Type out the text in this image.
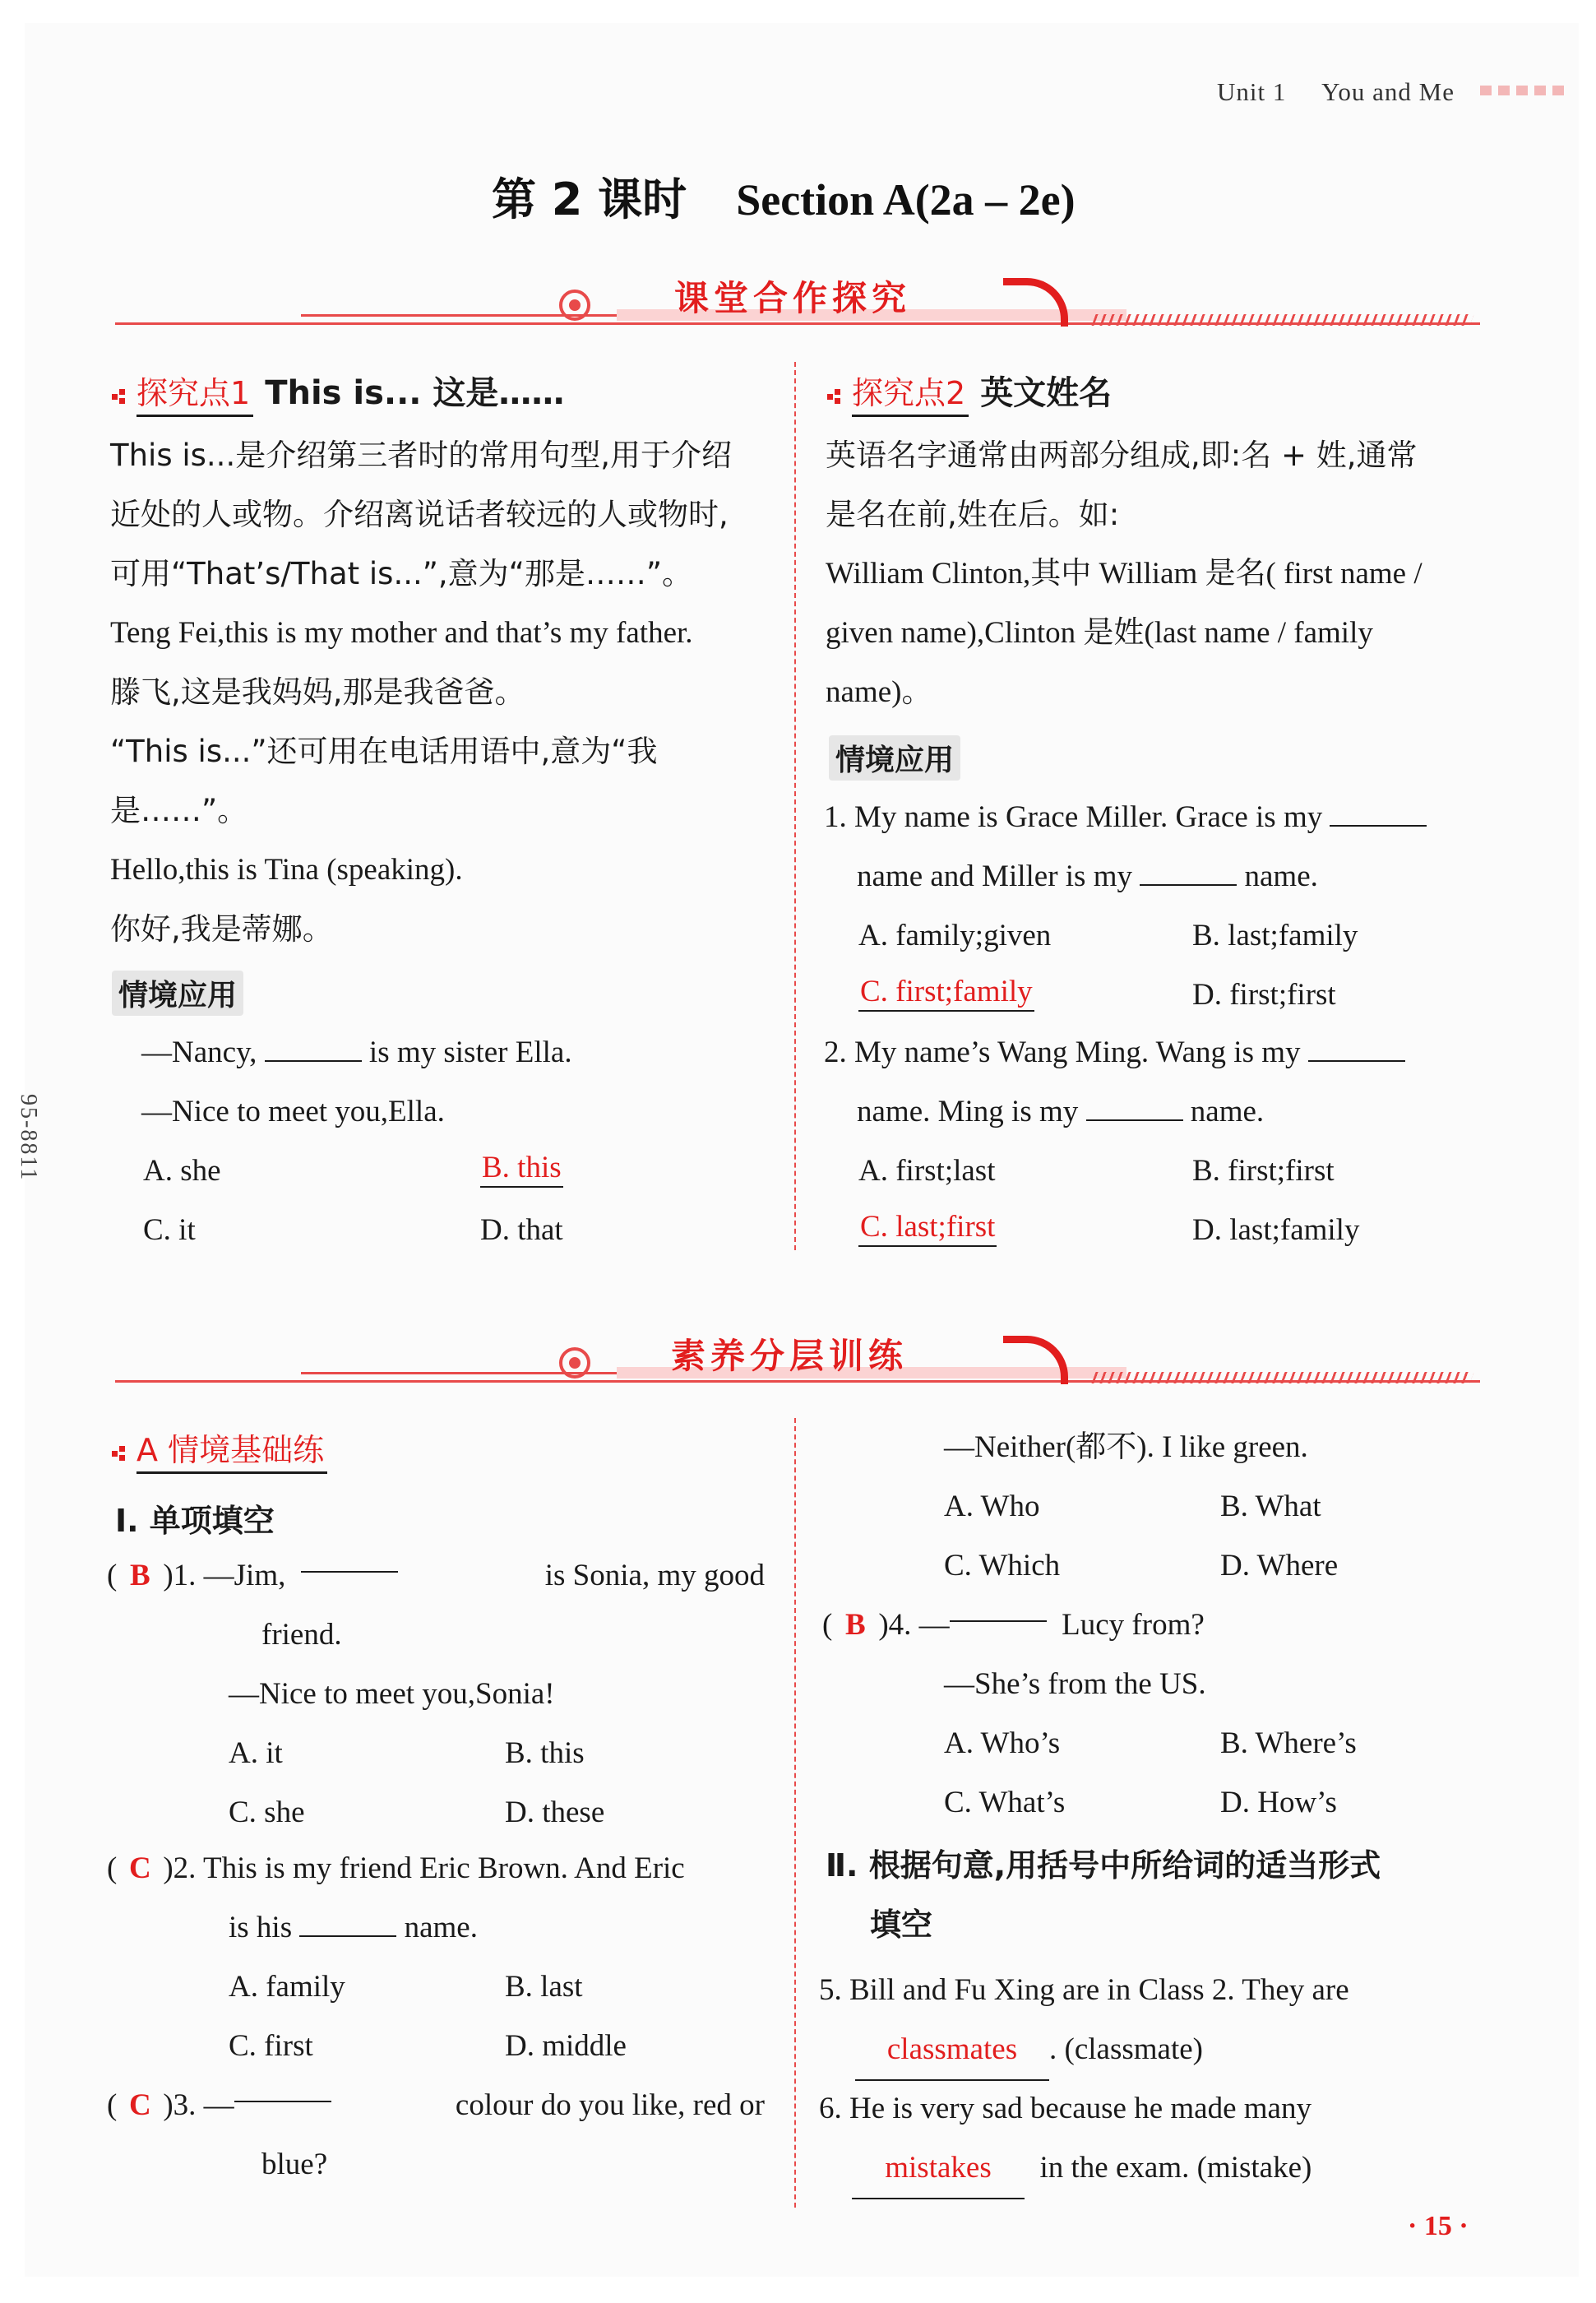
Unit 1 You and Me
第 2 课时 Section A(2a – 2e)
课堂合作探究
探究点1 This is... 这是……
This is...是介绍第三者时的常用句型,用于介绍
近处的人或物。介绍离说话者较远的人或物时,
可用“That’s/That is...”,意为“那是……”。
Teng Fei,this is my mother and that’s my father.
滕飞,这是我妈妈,那是我爸爸。
“This is...”还可用在电话用语中,意为“我
是……”。
Hello,this is Tina (speaking).
你好,我是蒂娜。
情境应用
—Nancy,	is my sister Ella.
—Nice to meet you,Ella.
A. she	B. this
C. it	D. that
探究点2 英文姓名
英语名字通常由两部分组成,即:名 + 姓,通常
是名在前,姓在后。如:
William Clinton,其中 William 是名( first name /
given name),Clinton 是姓(last name / family
name)。
情境应用
1. My name is Grace Miller. Grace is my
name and Miller is my	name.
A. family;given	B. last;family
C. first;family	D. first;first
2. My name’s Wang Ming. Wang is my
name. Ming is my	name.
A. first;last	B. first;first
C. last;first	D. last;family
95-8811
素养分层训练
A 情境基础练
Ⅰ. 单项填空
( B )1. —Jim,

	is Sonia, my good
friend.
—Nice to meet you,Sonia!
A. it	B. this
C. she	D. these
( C )2. This is my friend Eric Brown. And Eric
is his	name.
A. family	B. last
C. first	D. middle
( C )3. —
	colour do you like, red or
blue?
—Neither(都不). I like green.
A. Who	B. What
C. Which	D. Where
( B )4. —
	Lucy from?
—She’s from the US.
A. Who’s	B. Where’s
C. What’s	D. How’s
Ⅱ. 根据句意,用括号中所给词的适当形式
填空
5. Bill and Fu Xing are in Class 2. They are
classmates . (classmate)
6. He is very sad because he made many
mistakes in the exam. (mistake)
· 15 ·
